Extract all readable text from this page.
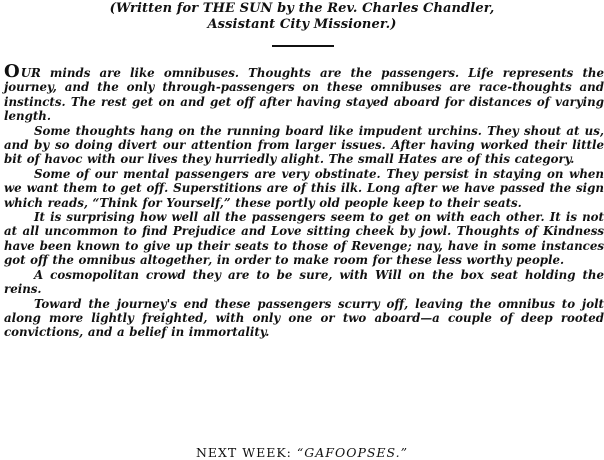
(Written for THE SUN by the Rev. Charles Chandler,
Assistant City Missioner.)

OUR minds are like omnibuses. Thoughts are the passengers. Life represents the journey, and the only through-passengers on these omnibuses are race-thoughts and instincts. The rest get on and get off after having stayed aboard for distances of varying length.

Some thoughts hang on the running board like impudent urchins. They shout at us, and by so doing divert our attention from larger issues. After having worked their little bit of havoc with our lives they hurriedly alight. The small Hates are of this category.

Some of our mental passengers are very obstinate. They persist in staying on when we want them to get off. Superstitions are of this ilk. Long after we have passed the sign which reads, “Think for Yourself,” these portly old people keep to their seats.

It is surprising how well all the passengers seem to get on with each other. It is not at all uncommon to find Prejudice and Love sitting cheek by jowl. Thoughts of Kindness have been known to give up their seats to those of Revenge; nay, have in some instances got off the omnibus altogether, in order to make room for these less worthy people.

A cosmopolitan crowd they are to be sure, with Will on the box seat holding the reins.

Toward the journey's end these passengers scurry off, leaving the omnibus to jolt along more lightly freighted, with only one or two aboard—a couple of deep rooted convictions, and a belief in immortality.

NEXT WEEK: “GAFOOPSES.”
